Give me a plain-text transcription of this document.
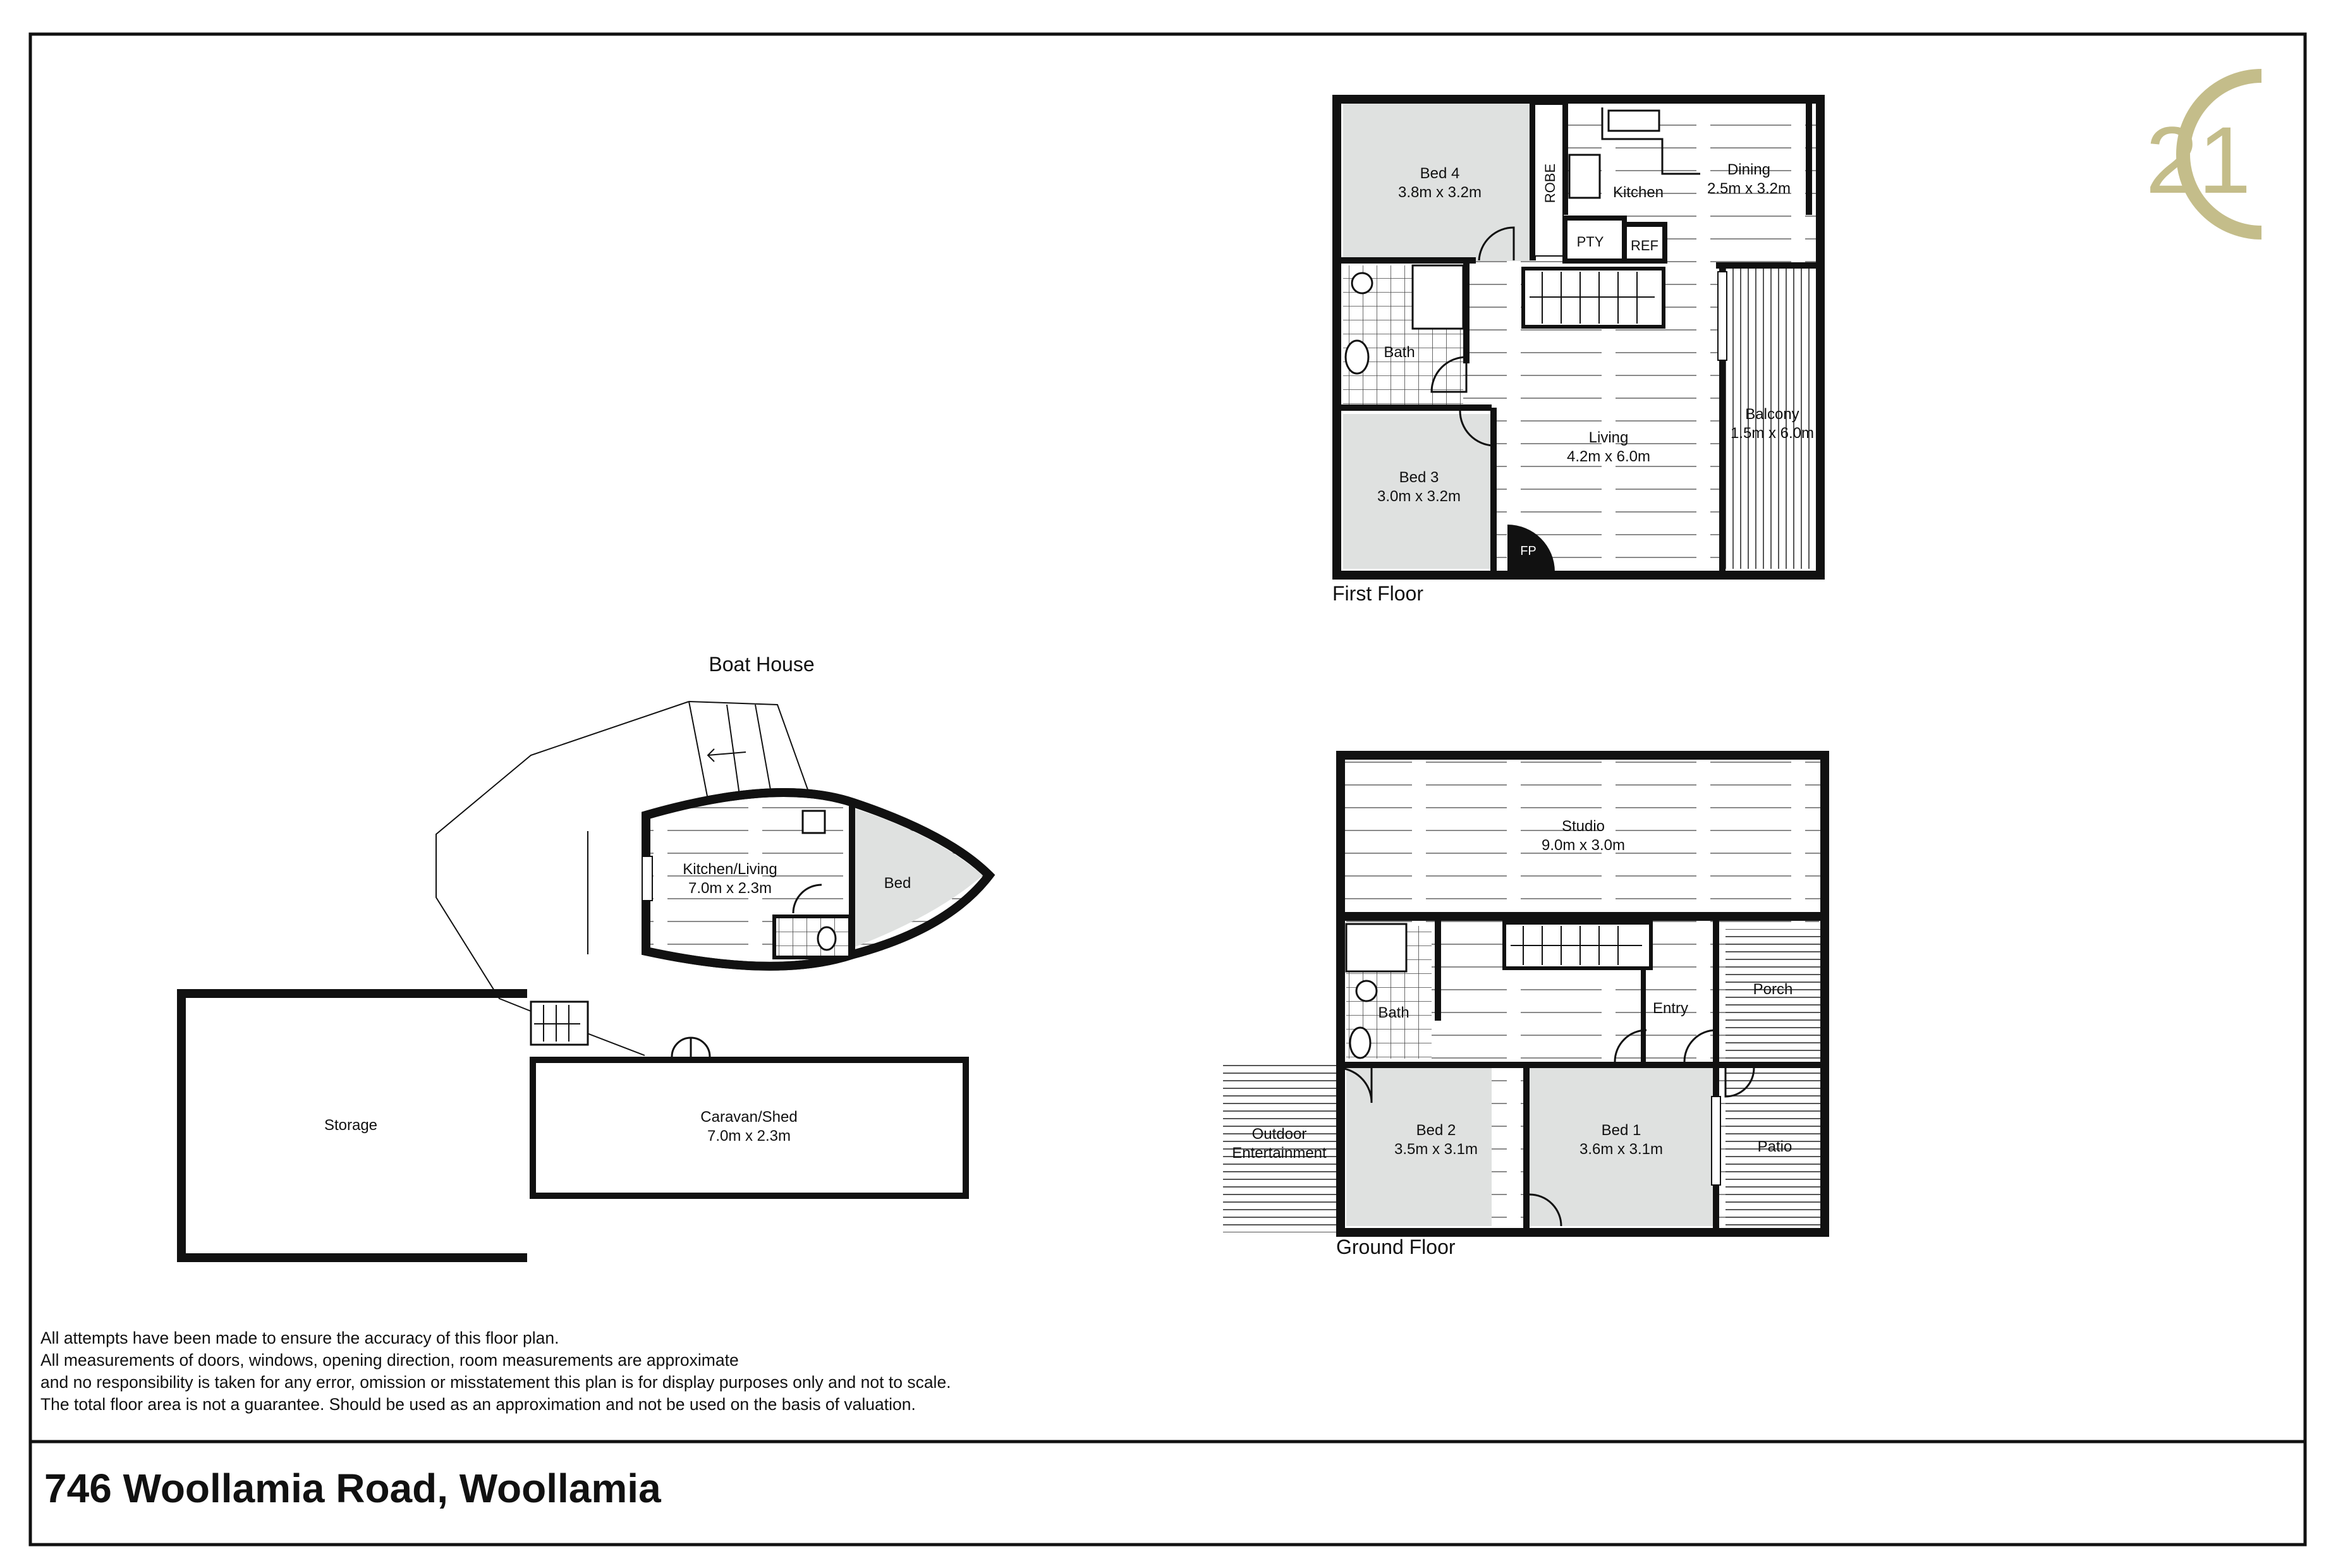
21
Bed 4
3.8m x 3.2m	ROBE	Kitchen
Dining
2.5m x 3.2m
PTY REF
Bath
Bed 3
3.0m x 3.2m
Living
4.2m x 6.0m
Balcony
1.5m x 6.0m
FP
First Floor
Studio
9.0m x 3.0m
Bath	Entry
Porch
Outdoor
Entertainment
Bed 2
3.5m x 3.1m
Bed 1
3.6m x 3.1m	Patio
Ground Floor
Boat House
Kitchen/Living
7.0m x 2.3m	Bed
Storage	Caravan/Shed
7.0m x 2.3m
All attempts have been made to ensure the accuracy of this floor plan.
All measurements of doors, windows, opening direction, room measurements are approximate
and no responsibility is taken for any error, omission or misstatement this plan is for display purposes only and not to scale.
The total floor area is not a guarantee. Should be used as an approximation and not be used on the basis of valuation.
746 Woollamia Road, Woollamia
